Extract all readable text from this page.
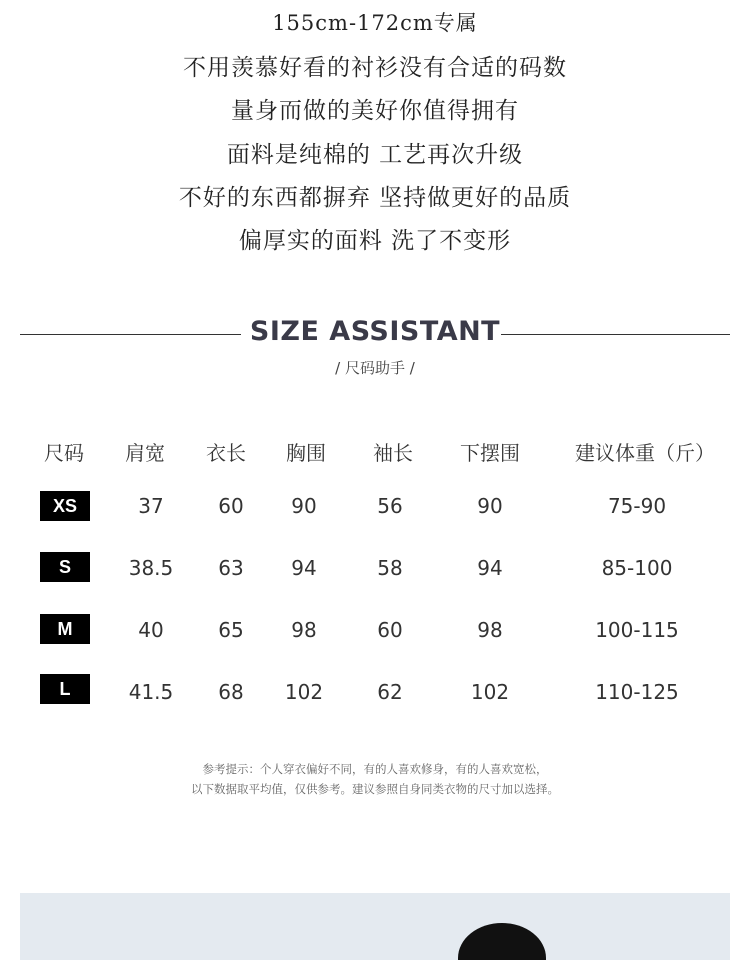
155cm-172cm专属
不用羡慕好看的衬衫没有合适的码数
量身而做的美好你值得拥有
面料是纯棉的 工艺再次升级
不好的东西都摒弃 坚持做更好的品质
偏厚实的面料 洗了不变形
SIZE ASSISTANT
/ 尺码助手 /
尺码 肩宽 衣长 胸围 袖长 下摆围	建议体重（斤）
XS	37	60 90	56	90	75-90
S	38.5 63 94	58	94	85-100
M	40	65 98	60	98	100-115
L	41.5 68 102	62	102	110-125
参考提示：个人穿衣偏好不同，有的人喜欢修身，有的人喜欢宽松，
以下数据取平均值，仅供参考。建议参照自身同类衣物的尺寸加以选择。
